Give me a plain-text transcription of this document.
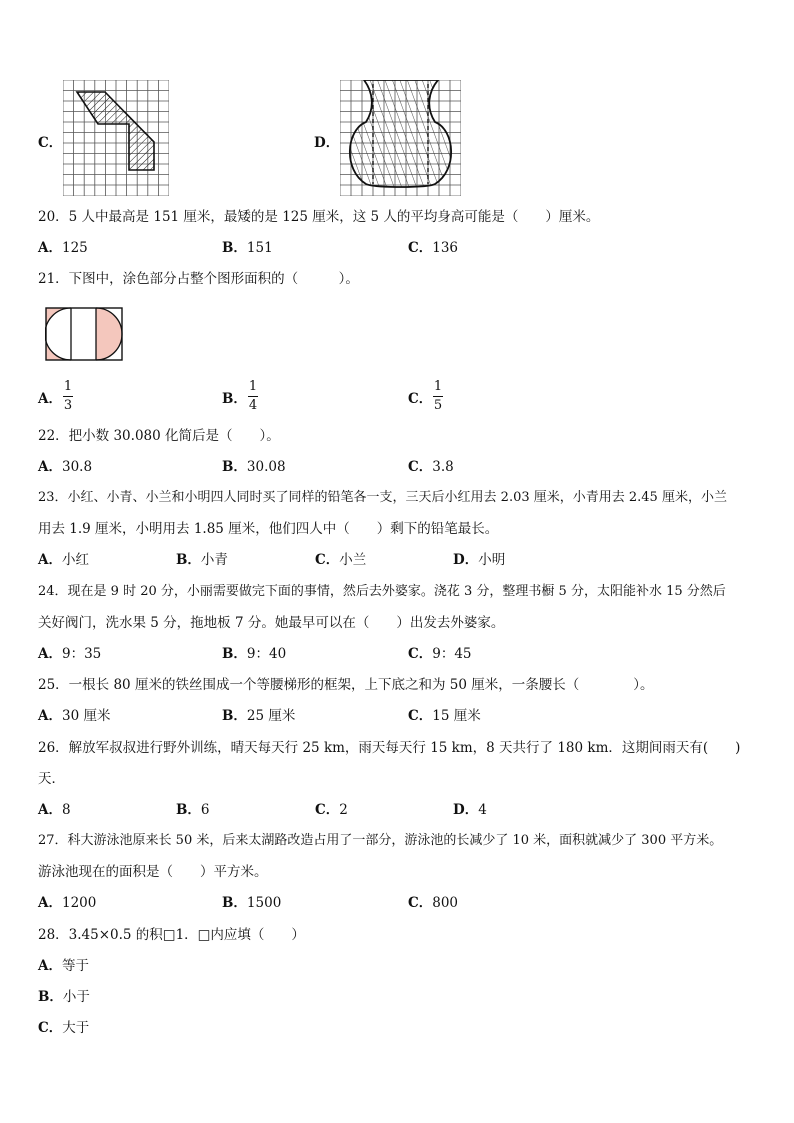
C．	D．
20．5 人中最高是 151 厘米，最矮的是 125 厘米，这 5 人的平均身高可能是（　　）厘米。
A．125	B．151	C．136
21．下图中，涂色部分占整个图形面积的（　　　）。
A．
1
3	B．
1
4	C．
1
5
22．把小数 30.080 化简后是（　　）。
A．30.8	B．30.08	C．3.8
23．小红、小青、小兰和小明四人同时买了同样的铅笔各一支，三天后小红用去 2.03 厘米，小青用去 2.45 厘米，小兰
用去 1.9 厘米，小明用去 1.85 厘米，他们四人中（　　）剩下的铅笔最长。
A．小红	B．小青	C．小兰	D．小明
24．现在是 9 时 20 分，小丽需要做完下面的事情，然后去外婆家。浇花 3 分，整理书橱 5 分，太阳能补水 15 分然后
关好阀门，洗水果 5 分，拖地板 7 分。她最早可以在（　　）出发去外婆家。
A．9：35	B．9：40	C．9：45
25．一根长 80 厘米的铁丝围成一个等腰梯形的框架，上下底之和为 50 厘米，一条腰长（　　　　）。
A．30 厘米	B．25 厘米	C．15 厘米
26．解放军叔叔进行野外训练，晴天每天行 25 km，雨天每天行 15 km，8 天共行了 180 km．这期间雨天有(　　)
天．
A．8	B．6	C．2	D．4
27．科大游泳池原来长 50 米，后来太湖路改造占用了一部分，游泳池的长减少了 10 米，面积就减少了 300 平方米。
游泳池现在的面积是（　　）平方米。
A．1200	B．1500	C．800
28．3.45×0.5 的积□1．□内应填（　　）
A．等于
B．小于
C．大于
